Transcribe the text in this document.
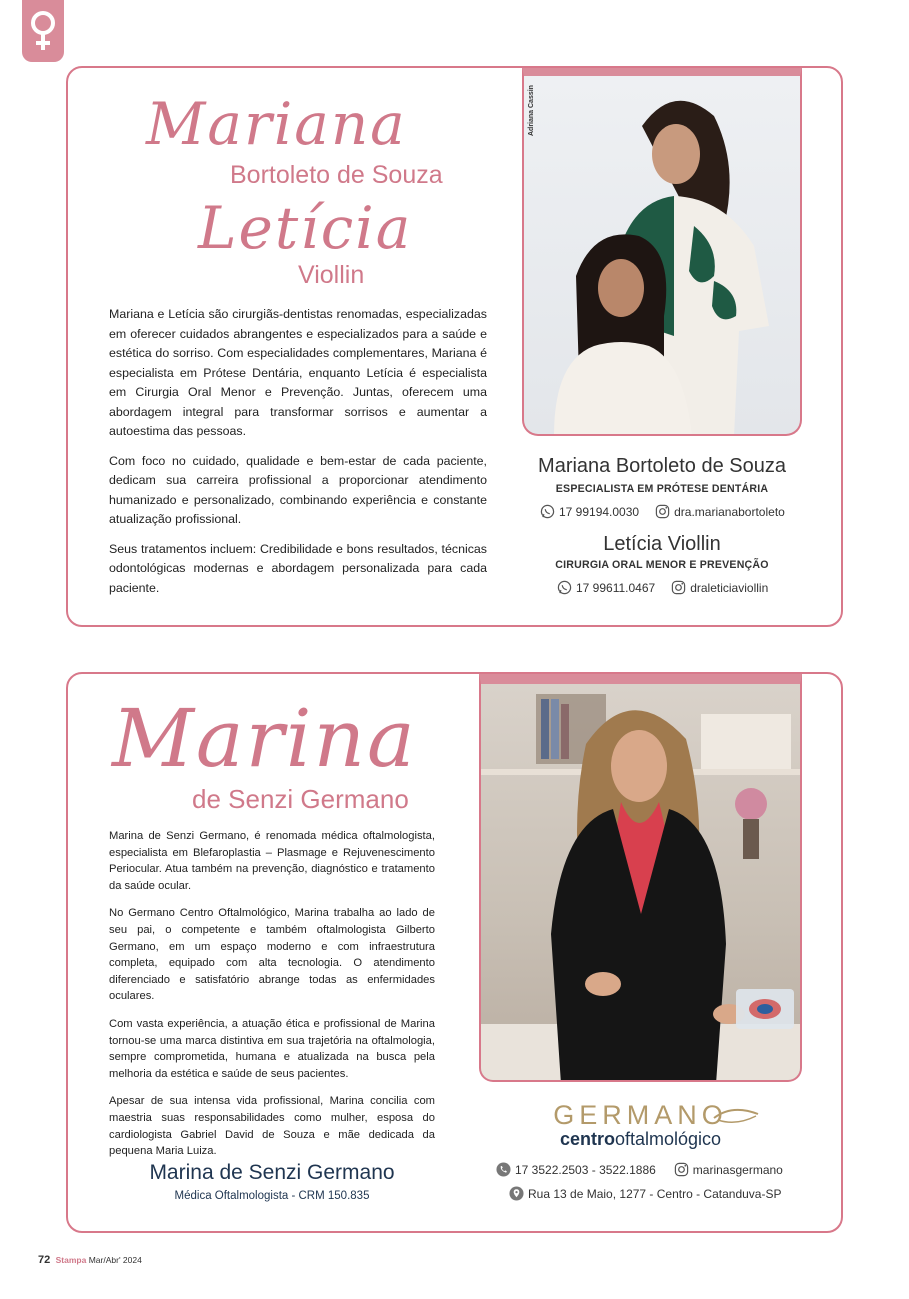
Mariana
Bortoleto de Souza
Letícia
Viollin

Mariana e Letícia são cirurgiãs-dentistas renomadas, especializadas em oferecer cuidados abrangentes e especializados para a saúde e estética do sorriso. Com especialidades complementares, Mariana é especialista em Prótese Dentária, enquanto Letícia é especialista em Cirurgia Oral Menor e Prevenção. Juntas, oferecem uma abordagem integral para transformar sorrisos e aumentar a autoestima das pessoas.

Com foco no cuidado, qualidade e bem-estar de cada paciente, dedicam sua carreira profissional a proporcionar atendimento humanizado e personalizado, combinando experiência e constante atualização profissional.

Seus tratamentos incluem: Credibilidade e bons resultados, técnicas odontológicas modernas e abordagem personalizada para cada paciente.

Adriana Cassin
Mariana Bortoleto de Souza
ESPECIALISTA EM PRÓTESE DENTÁRIA
17 99194.0030	dra.marianabortoleto
Letícia Viollin
CIRURGIA ORAL MENOR E PREVENÇÃO
17 99611.0467	draleticiaviollin
Marina
de Senzi Germano

Marina de Senzi Germano, é renomada médica oftalmologista, especialista em Blefaroplastia – Plasmage e Rejuvenescimento Periocular. Atua também na prevenção, diagnóstico e tratamento da saúde ocular.

No Germano Centro Oftalmológico, Marina trabalha ao lado de seu pai, o competente e também oftalmologista Gilberto Germano, em um espaço moderno e com infraestrutura completa, equipado com alta tecnologia. O atendimento diferenciado e satisfatório abrange todas as enfermidades oculares.

Com vasta experiência, a atuação ética e profissional de Marina tornou-se uma marca distintiva em sua trajetória na oftalmologia, sempre comprometida, humana e atualizada na busca pela melhoria da estética e saúde de seus pacientes.

Apesar de sua intensa vida profissional, Marina concilia com maestria suas responsabilidades como mulher, esposa do cardiologista Gabriel David de Souza e mãe dedicada da pequena Maria Luiza.

Marina de Senzi Germano
Médica Oftalmologista - CRM 150.835
GERMANO
centrooftalmológico
17 3522.2503 - 3522.1886	marinasgermano
Rua 13 de Maio, 1277 - Centro - Catanduva-SP
72 Stampa Mar/Abr' 2024
